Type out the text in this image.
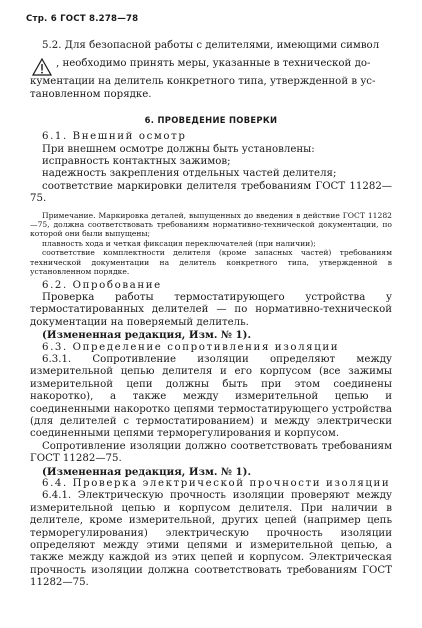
Стр. 6 ГОСТ 8.278—78

5.2. Для безопасной работы с делителями, имеющими символ

, необходимо принять меры, указанные в технической до-

кументации на делитель конкретного типа, утвержденной в ус-

тановленном порядке.

6. ПРОВЕДЕНИЕ ПОВЕРКИ

6.1. Внешний осмотр

При внешнем осмотре должны быть установлены:

исправность контактных зажимов;

надежность закрепления отдельных частей делителя;

соответствие маркировки делителя требованиям ГОСТ 11282—75.

Примечание. Маркировка деталей, выпущенных до введения в действие ГОСТ 11282—75, должна соответствовать требованиям нормативно-технической документации, по которой они были выпущены;

плавность хода и четкая фиксация переключателей (при наличии);

соответствие комплектности делителя (кроме запасных частей) требованиям технической документации на делитель конкретного типа, утвержденной в установленном порядке.

6.2. Опробование

Проверка работы термостатирующего устройства у термостатированных делителей — по нормативно-технической документации на поверяемый делитель.

(Измененная редакция, Изм. № 1).

6.3. Определение сопротивления изоляции

6.3.1. Сопротивление изоляции определяют между измерительной цепью делителя и его корпусом (все зажимы измерительной цепи должны быть при этом соединены накоротко), а также между измерительной цепью и соединенными накоротко цепями термостатирующего устройства (для делителей с термостатированием) и между электрически соединенными цепями терморегулирования и корпусом.

Сопротивление изоляции должно соответствовать требованиям ГОСТ 11282—75.

(Измененная редакция, Изм. № 1).

6.4. Проверка электрической прочности изоляции

6.4.1. Электрическую прочность изоляции проверяют между измерительной цепью и корпусом делителя. При наличии в делителе, кроме измерительной, других цепей (например цепь терморегулирования) электрическую прочность изоляции определяют между этими цепями и измерительной цепью, а также между каждой из этих цепей и корпусом. Электрическая прочность изоляции должна соответствовать требованиям ГОСТ 11282—75.
